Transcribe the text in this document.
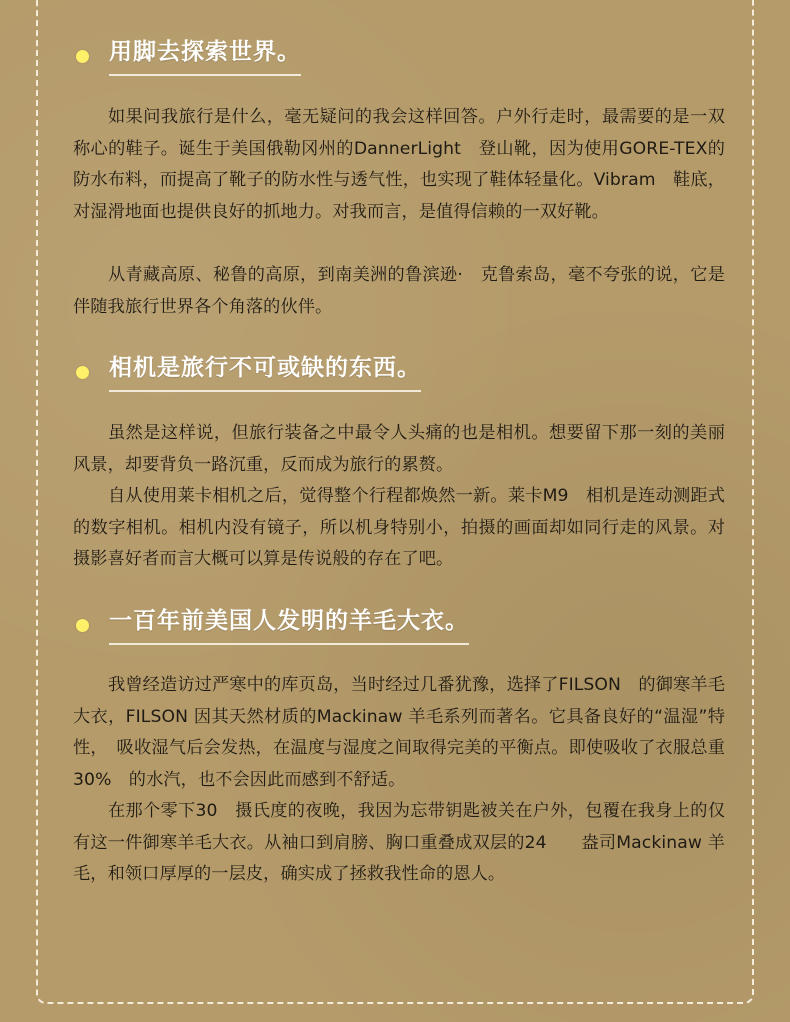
用脚去探索世界。

如果问我旅行是什么，毫无疑问的我会这样回答。户外行走时，最需要的是一双称心的鞋子。诞生于美国俄勒冈州的DannerLight　登山靴，因为使用GORE-TEX的防水布料，而提高了靴子的防水性与透气性，也实现了鞋体轻量化。Vibram　鞋底，对湿滑地面也提供良好的抓地力。对我而言，是值得信赖的一双好靴。

从青藏高原、秘鲁的高原，到南美洲的鲁滨逊·　克鲁索岛，毫不夸张的说，它是伴随我旅行世界各个角落的伙伴。

相机是旅行不可或缺的东西。

虽然是这样说，但旅行装备之中最令人头痛的也是相机。想要留下那一刻的美丽风景，却要背负一路沉重，反而成为旅行的累赘。

自从使用莱卡相机之后，觉得整个行程都焕然一新。莱卡M9　相机是连动测距式的数字相机。相机内没有镜子，所以机身特别小，拍摄的画面却如同行走的风景。对摄影喜好者而言大概可以算是传说般的存在了吧。

一百年前美国人发明的羊毛大衣。

我曾经造访过严寒中的库页岛，当时经过几番犹豫，选择了FILSON　的御寒羊毛大衣，FILSON 因其天然材质的Mackinaw 羊毛系列而著名。它具备良好的“温湿”特性，　吸收湿气后会发热，在温度与湿度之间取得完美的平衡点。即使吸收了衣服总重30%　的水汽，也不会因此而感到不舒适。

在那个零下30　摄氏度的夜晚，我因为忘带钥匙被关在户外，包覆在我身上的仅有这一件御寒羊毛大衣。从袖口到肩膀、胸口重叠成双层的24　　盎司Mackinaw 羊毛，和领口厚厚的一层皮，确实成了拯救我性命的恩人。
